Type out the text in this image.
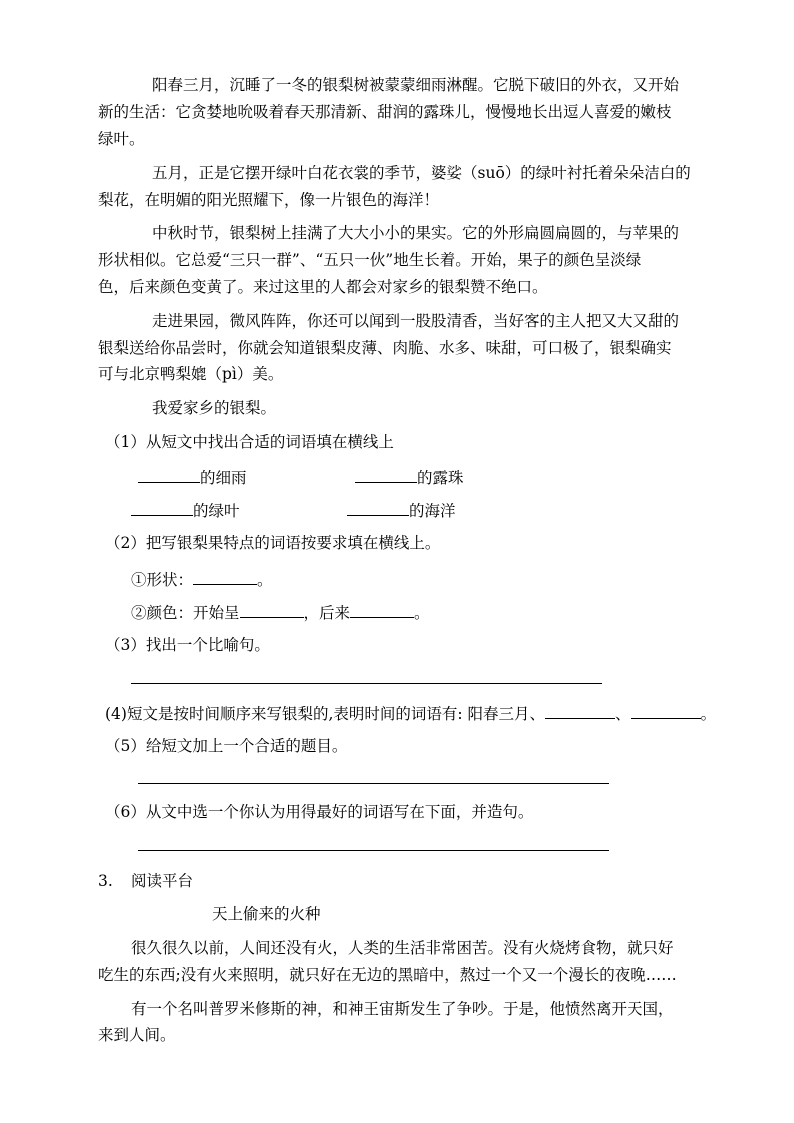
阳春三月，沉睡了一冬的银梨树被蒙蒙细雨淋醒。它脱下破旧的外衣，又开始
新的生活：它贪婪地吮吸着春天那清新、甜润的露珠儿，慢慢地长出逗人喜爱的嫩枝
绿叶。
五月，正是它摆开绿叶白花衣裳的季节，婆娑（suō）的绿叶衬托着朵朵洁白的
梨花，在明媚的阳光照耀下，像一片银色的海洋！
中秋时节，银梨树上挂满了大大小小的果实。它的外形扁圆扁圆的，与苹果的
形状相似。它总爱“三只一群”、“五只一伙”地生长着。开始，果子的颜色呈淡绿
色，后来颜色变黄了。来过这里的人都会对家乡的银梨赞不绝口。
走进果园，微风阵阵，你还可以闻到一股股清香，当好客的主人把又大又甜的
银梨送给你品尝时，你就会知道银梨皮薄、肉脆、水多、味甜，可口极了，银梨确实
可与北京鸭梨媲（pì）美。
我爱家乡的银梨。
（1）从短文中找出合适的词语填在横线上
的细雨	的露珠
的绿叶	的海洋
（2）把写银梨果特点的词语按要求填在横线上。
①形状：	。
②颜色：开始呈	，后来	。
（3）找出一个比喻句。
(4)短文是按时间顺序来写银梨的,表明时间的词语有: 阳春三月、	、	。
（5）给短文加上一个合适的题目。
（6）从文中选一个你认为用得最好的词语写在下面，并造句。
3. 阅读平台
天上偷来的火种
很久很久以前，人间还没有火，人类的生活非常困苦。没有火烧烤食物，就只好
吃生的东西;没有火来照明，就只好在无边的黑暗中，熬过一个又一个漫长的夜晚……
有一个名叫普罗米修斯的神，和神王宙斯发生了争吵。于是，他愤然离开天国，
来到人间。
